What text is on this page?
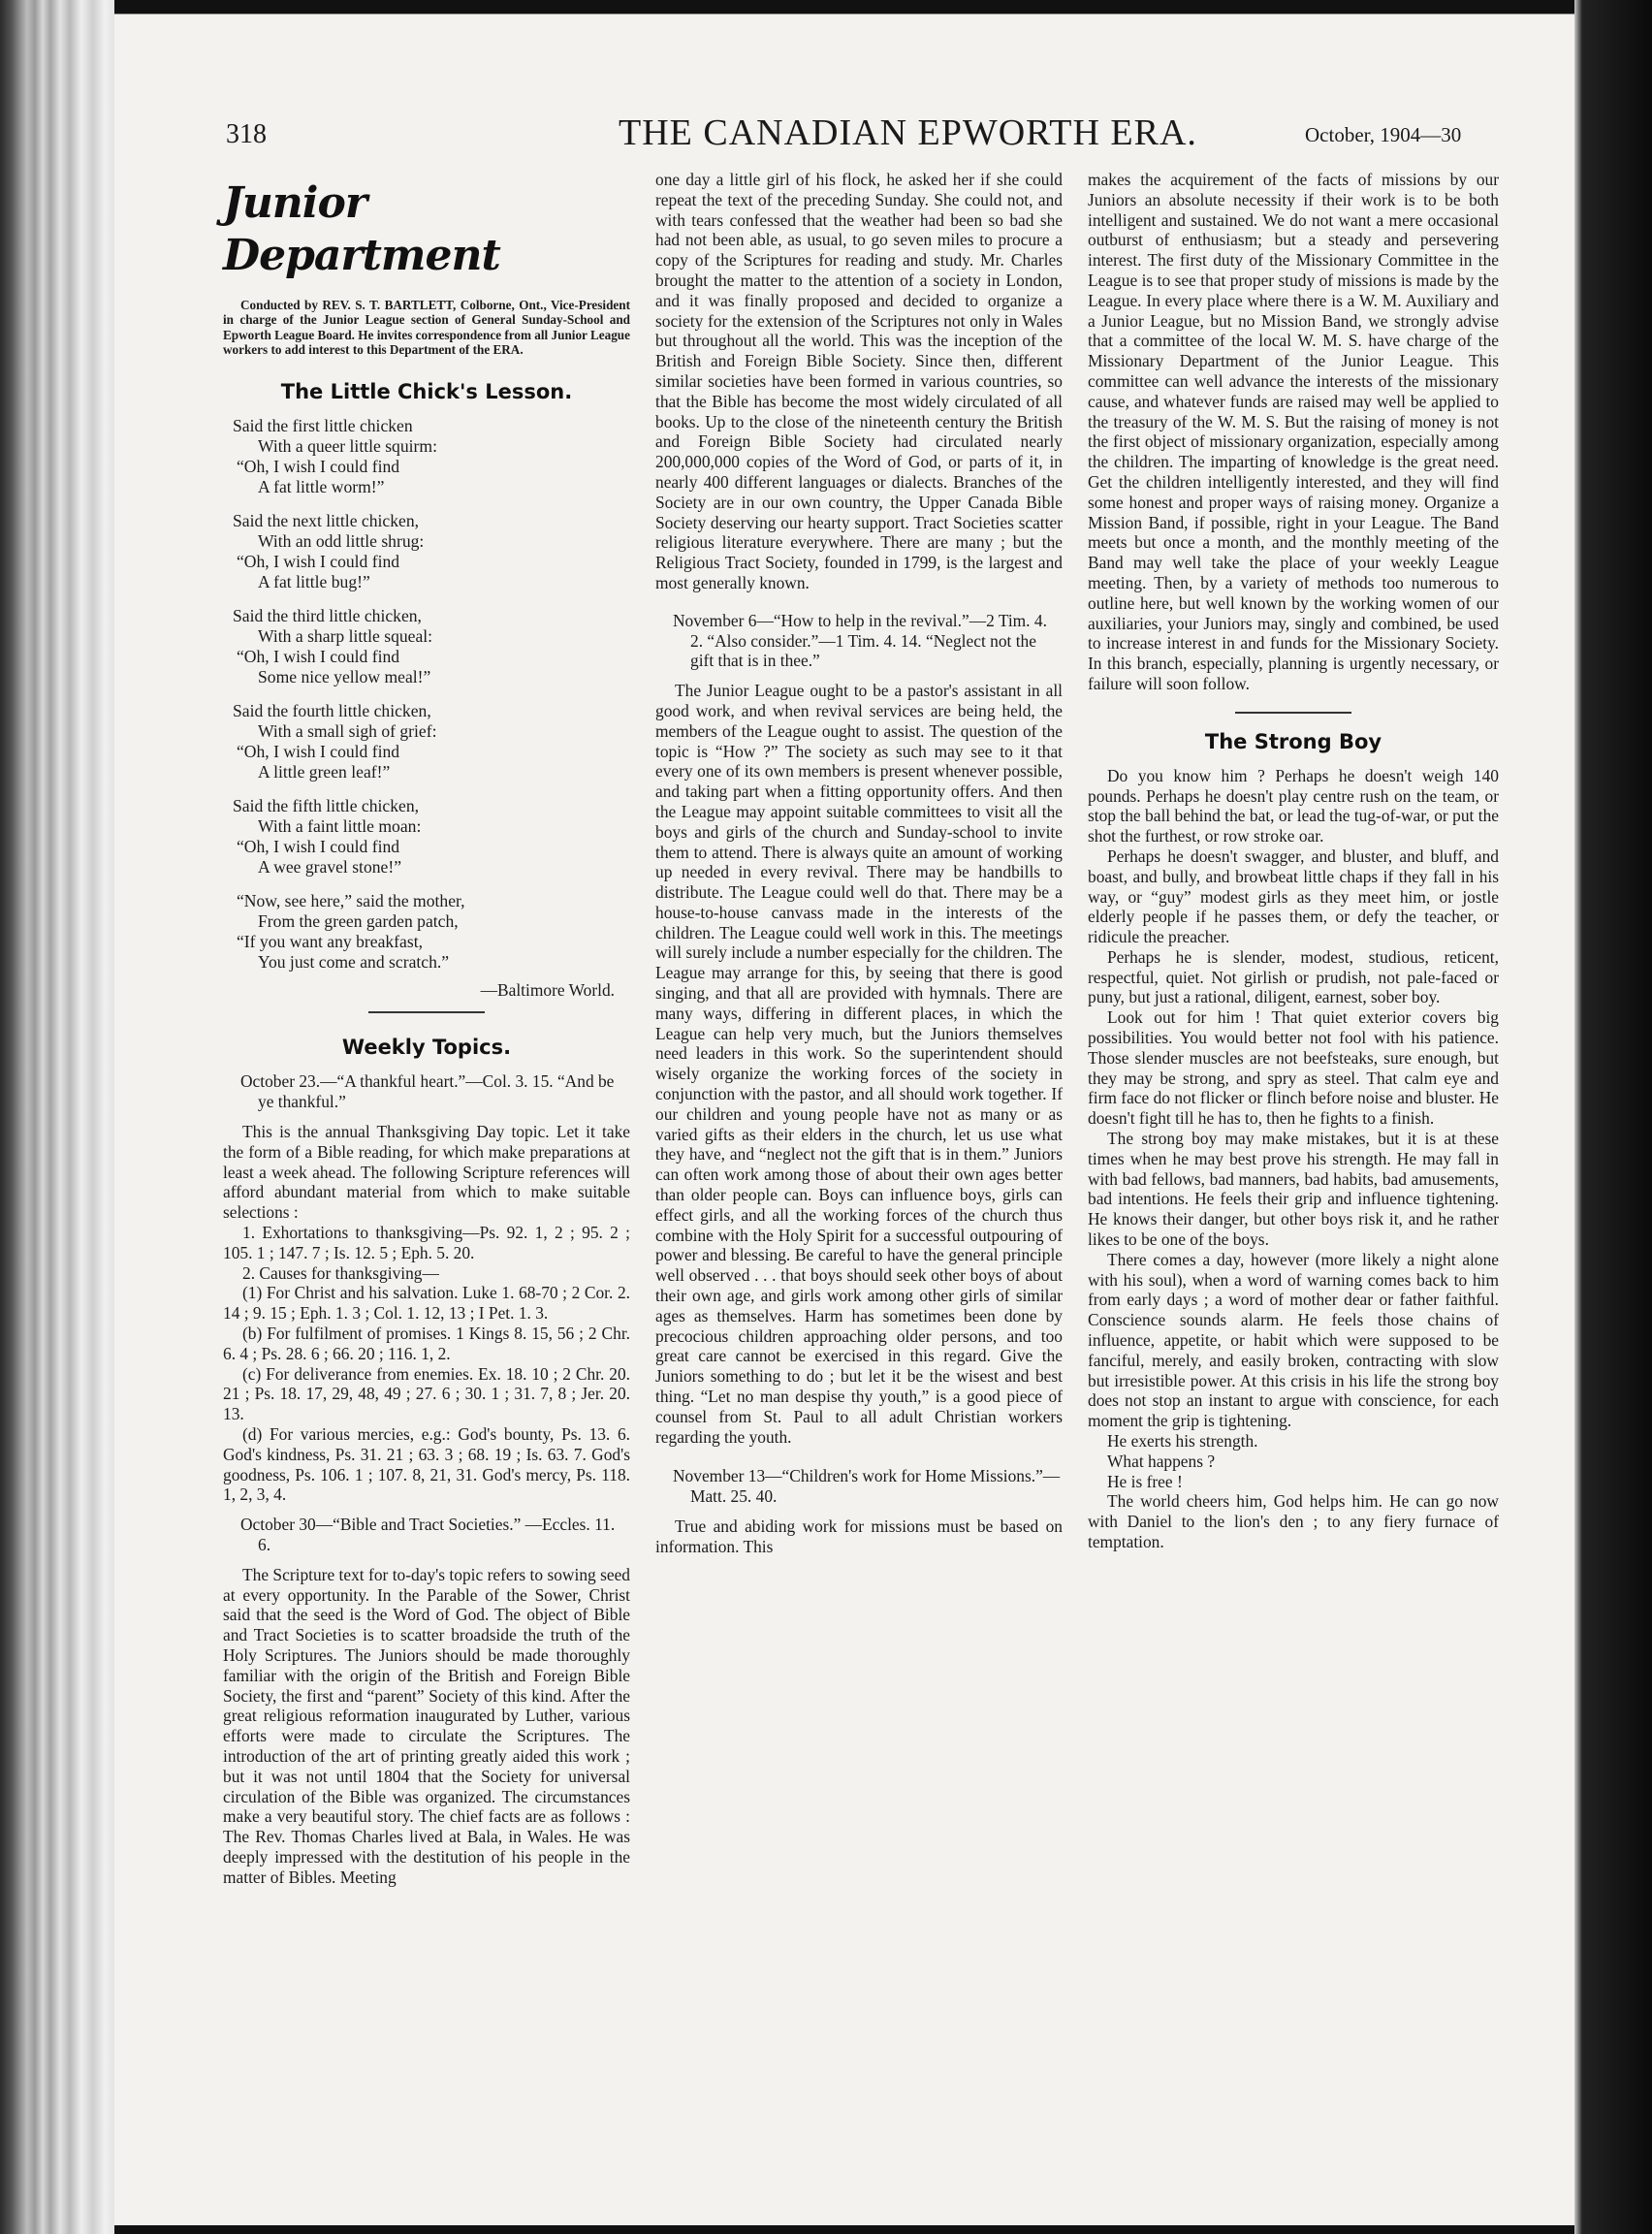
318	THE CANADIAN EPWORTH ERA.	October, 1904—30
Junior Department

Conducted by REV. S. T. BARTLETT, Colborne, Ont., Vice-President in charge of the Junior League section of General Sunday-School and Epworth League Board. He invites correspondence from all Junior League workers to add interest to this Department of the ERA.

The Little Chick's Lesson.
Said the first little chicken
With a queer little squirm:
“Oh, I wish I could find
A fat little worm!”
Said the next little chicken,
With an odd little shrug:
“Oh, I wish I could find
A fat little bug!”
Said the third little chicken,
With a sharp little squeal:
“Oh, I wish I could find
Some nice yellow meal!”
Said the fourth little chicken,
With a small sigh of grief:
“Oh, I wish I could find
A little green leaf!”
Said the fifth little chicken,
With a faint little moan:
“Oh, I wish I could find
A wee gravel stone!”
“Now, see here,” said the mother,
From the green garden patch,
“If you want any breakfast,
You just come and scratch.”
—Baltimore World.
Weekly Topics.

October 23.—“A thankful heart.”—Col. 3. 15. “And be ye thankful.”

This is the annual Thanksgiving Day topic. Let it take the form of a Bible reading, for which make preparations at least a week ahead. The following Scripture references will afford abundant material from which to make suitable selections :

1. Exhortations to thanksgiving—Ps. 92. 1, 2 ; 95. 2 ; 105. 1 ; 147. 7 ; Is. 12. 5 ; Eph. 5. 20.

2. Causes for thanksgiving—

(1) For Christ and his salvation. Luke 1. 68-70 ; 2 Cor. 2. 14 ; 9. 15 ; Eph. 1. 3 ; Col. 1. 12, 13 ; I Pet. 1. 3.

(b) For fulfilment of promises. 1 Kings 8. 15, 56 ; 2 Chr. 6. 4 ; Ps. 28. 6 ; 66. 20 ; 116. 1, 2.

(c) For deliverance from enemies. Ex. 18. 10 ; 2 Chr. 20. 21 ; Ps. 18. 17, 29, 48, 49 ; 27. 6 ; 30. 1 ; 31. 7, 8 ; Jer. 20. 13.

(d) For various mercies, e.g.: God's bounty, Ps. 13. 6. God's kindness, Ps. 31. 21 ; 63. 3 ; 68. 19 ; Is. 63. 7. God's goodness, Ps. 106. 1 ; 107. 8, 21, 31. God's mercy, Ps. 118. 1, 2, 3, 4.

October 30—“Bible and Tract Societies.” —Eccles. 11. 6.

The Scripture text for to-day's topic refers to sowing seed at every opportunity. In the Parable of the Sower, Christ said that the seed is the Word of God. The object of Bible and Tract Societies is to scatter broadside the truth of the Holy Scriptures. The Juniors should be made thoroughly familiar with the origin of the British and Foreign Bible Society, the first and “parent” Society of this kind. After the great religious reformation inaugurated by Luther, various efforts were made to circulate the Scriptures. The introduction of the art of printing greatly aided this work ; but it was not until 1804 that the Society for universal circulation of the Bible was organized. The circumstances make a very beautiful story. The chief facts are as follows : The Rev. Thomas Charles lived at Bala, in Wales. He was deeply impressed with the destitution of his people in the matter of Bibles. Meeting

one day a little girl of his flock, he asked her if she could repeat the text of the preceding Sunday. She could not, and with tears confessed that the weather had been so bad she had not been able, as usual, to go seven miles to procure a copy of the Scriptures for reading and study. Mr. Charles brought the matter to the attention of a society in London, and it was finally proposed and decided to organize a society for the extension of the Scriptures not only in Wales but throughout all the world. This was the inception of the British and Foreign Bible Society. Since then, different similar societies have been formed in various countries, so that the Bible has become the most widely circulated of all books. Up to the close of the nineteenth century the British and Foreign Bible Society had circulated nearly 200,000,000 copies of the Word of God, or parts of it, in nearly 400 different languages or dialects. Branches of the Society are in our own country, the Upper Canada Bible Society deserving our hearty support. Tract Societies scatter religious literature everywhere. There are many ; but the Religious Tract Society, founded in 1799, is the largest and most generally known.

November 6—“How to help in the revival.”—2 Tim. 4. 2. “Also consider.”—1 Tim. 4. 14. “Neglect not the gift that is in thee.”

The Junior League ought to be a pastor's assistant in all good work, and when revival services are being held, the members of the League ought to assist. The question of the topic is “How ?” The society as such may see to it that every one of its own members is present whenever possible, and taking part when a fitting opportunity offers. And then the League may appoint suitable committees to visit all the boys and girls of the church and Sunday-school to invite them to attend. There is always quite an amount of working up needed in every revival. There may be handbills to distribute. The League could well do that. There may be a house-to-house canvass made in the interests of the children. The League could well work in this. The meetings will surely include a number especially for the children. The League may arrange for this, by seeing that there is good singing, and that all are provided with hymnals. There are many ways, differing in different places, in which the League can help very much, but the Juniors themselves need leaders in this work. So the superintendent should wisely organize the working forces of the society in conjunction with the pastor, and all should work together. If our children and young people have not as many or as varied gifts as their elders in the church, let us use what they have, and “neglect not the gift that is in them.” Juniors can often work among those of about their own ages better than older people can. Boys can influence boys, girls can effect girls, and all the working forces of the church thus combine with the Holy Spirit for a successful outpouring of power and blessing. Be careful to have the general principle well observed . . . that boys should seek other boys of about their own age, and girls work among other girls of similar ages as themselves. Harm has sometimes been done by precocious children approaching older persons, and too great care cannot be exercised in this regard. Give the Juniors something to do ; but let it be the wisest and best thing. “Let no man despise thy youth,” is a good piece of counsel from St. Paul to all adult Christian workers regarding the youth.

November 13—“Children's work for Home Missions.”—Matt. 25. 40.

True and abiding work for missions must be based on information. This

makes the acquirement of the facts of missions by our Juniors an absolute necessity if their work is to be both intelligent and sustained. We do not want a mere occasional outburst of enthusiasm; but a steady and persevering interest. The first duty of the Missionary Committee in the League is to see that proper study of missions is made by the League. In every place where there is a W. M. Auxiliary and a Junior League, but no Mission Band, we strongly advise that a committee of the local W. M. S. have charge of the Missionary Department of the Junior League. This committee can well advance the interests of the missionary cause, and whatever funds are raised may well be applied to the treasury of the W. M. S. But the raising of money is not the first object of missionary organization, especially among the children. The imparting of knowledge is the great need. Get the children intelligently interested, and they will find some honest and proper ways of raising money. Organize a Mission Band, if possible, right in your League. The Band meets but once a month, and the monthly meeting of the Band may well take the place of your weekly League meeting. Then, by a variety of methods too numerous to outline here, but well known by the working women of our auxiliaries, your Juniors may, singly and combined, be used to increase interest in and funds for the Missionary Society. In this branch, especially, planning is urgently necessary, or failure will soon follow.

The Strong Boy

Do you know him ? Perhaps he doesn't weigh 140 pounds. Perhaps he doesn't play centre rush on the team, or stop the ball behind the bat, or lead the tug-of-war, or put the shot the furthest, or row stroke oar.

Perhaps he doesn't swagger, and bluster, and bluff, and boast, and bully, and browbeat little chaps if they fall in his way, or “guy” modest girls as they meet him, or jostle elderly people if he passes them, or defy the teacher, or ridicule the preacher.

Perhaps he is slender, modest, studious, reticent, respectful, quiet. Not girlish or prudish, not pale-faced or puny, but just a rational, diligent, earnest, sober boy.

Look out for him ! That quiet exterior covers big possibilities. You would better not fool with his patience. Those slender muscles are not beefsteaks, sure enough, but they may be strong, and spry as steel. That calm eye and firm face do not flicker or flinch before noise and bluster. He doesn't fight till he has to, then he fights to a finish.

The strong boy may make mistakes, but it is at these times when he may best prove his strength. He may fall in with bad fellows, bad manners, bad habits, bad amusements, bad intentions. He feels their grip and influence tightening. He knows their danger, but other boys risk it, and he rather likes to be one of the boys.

There comes a day, however (more likely a night alone with his soul), when a word of warning comes back to him from early days ; a word of mother dear or father faithful. Conscience sounds alarm. He feels those chains of influence, appetite, or habit which were supposed to be fanciful, merely, and easily broken, contracting with slow but irresistible power. At this crisis in his life the strong boy does not stop an instant to argue with conscience, for each moment the grip is tightening.

He exerts his strength.

What happens ?

He is free !

The world cheers him, God helps him. He can go now with Daniel to the lion's den ; to any fiery furnace of temptation.
